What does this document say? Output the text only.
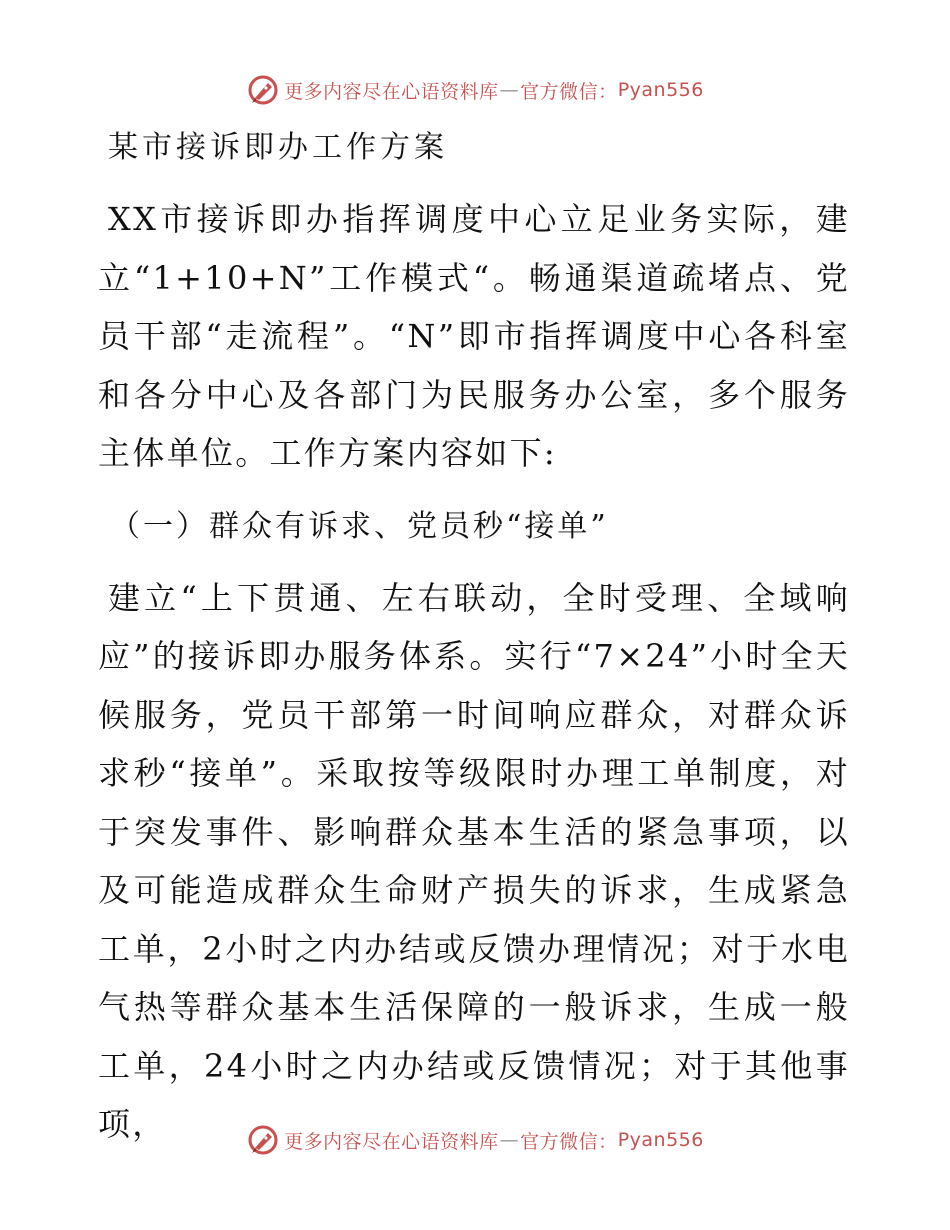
更多内容尽在心语资料库 — 官方微信： Pyan556
某市接诉即办工作方案

XX市接诉即办指挥调度中心立足业务实际，建立“1+10+N”工作模式“。畅通渠道疏堵点、党员干部“走流程”。“N”即市指挥调度中心各科室和各分中心及各部门为民服务办公室，多个服务主体单位。工作方案内容如下:

（一）群众有诉求、党员秒“接单”

建立“上下贯通、左右联动，全时受理、全域响应”的接诉即办服务体系。实行“7×24”小时全天候服务，党员干部第一时间响应群众，对群众诉求秒“接单”。采取按等级限时办理工单制度，对于突发事件、影响群众基本生活的紧急事项，以及可能造成群众生命财产损失的诉求，生成紧急工单，2小时之内办结或反馈办理情况；对于水电气热等群众基本生活保障的一般诉求，生成一般工单，24小时之内办结或反馈情况；对于其他事项，	更多内容尽在心语资料库 — 官方微信： Pyan556
